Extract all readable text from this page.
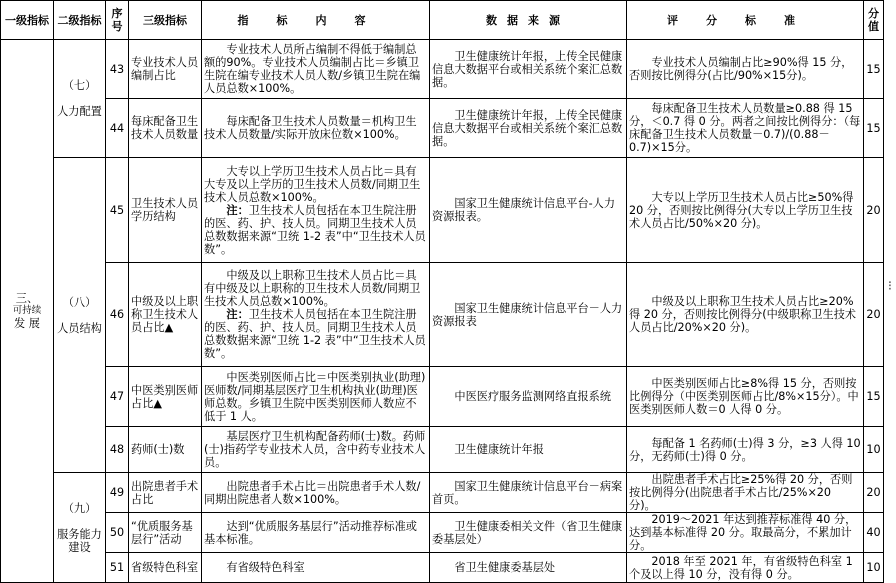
一级指标	二级指标	序号	三级指标	指标内容	数据来源	评分标准	分值
三、

可持续
发 展	（七）

人力配置	43	专业技术人员编制占比	专业技术人员所占编制不得低于编制总额的90%。专业技术人员编制占比＝乡镇卫生院在编专业技术人员人数/乡镇卫生院在编人员总数×100%。	卫生健康统计年报，上传全民健康信息大数据平台或相关系统个案汇总数据。	专业技术人员编制占比≥90%得 15 分，否则按比例得分(占比/90%×15分)。	15
		44	每床配备卫生技术人员数量	每床配备卫生技术人员数量＝机构卫生技术人员数量/实际开放床位数×100%。	卫生健康统计年报，上传全民健康信息大数据平台或相关系统个案汇总数据。	每床配备卫生技术人员数量≥0.88 得 15 分，＜0.7 得 0 分。两者之间按比例得分：（每床配备卫生技术人员数量－0.7)/(0.88－0.7)×15分。	15
	（八）

人员结构	45	卫生技术人员学历结构	大专以上学历卫生技术人员占比＝具有大专及以上学历的卫生技术人员数/同期卫生技术人员总数×100%。
注：卫生技术人员包括在本卫生院注册的医、药、护、技人员。同期卫生技术人员总数数据来源“卫统 1-2 表”中“卫生技术人员数”。	国家卫生健康统计信息平台-人力资源报表。	大专以上学历卫生技术人员占比≥50%得 20 分，否则按比例得分(大专以上学历卫生技术人员占比/50%×20 分)。	20
		46	中级及以上职称卫生技术人员占比▲	中级及以上职称卫生技术人员占比＝具有中级及以上职称的卫生技术人员数/同期卫生技术人员总数×100%。
注：卫生技术人员包括在本卫生院注册的医、药、护、技人员。同期卫生技术人员总数数据来源“卫统 1-2 表”中“卫生技术人员数”。	国家卫生健康统计信息平台－人力资源报表	中级及以上职称卫生技术人员占比≥20%得 20 分，否则按比例得分(中级职称卫生技术人员占比/20%×20 分)。	20
		47	中医类别医师占比▲	中医类别医师占比＝中医类别执业(助理)医师数/同期基层医疗卫生机构执业(助理)医师总数。乡镇卫生院中医类别医师人数应不低于 1 人。	中医医疗服务监测网络直报系统	中医类别医师占比≥8%得 15 分，否则按比例得分（中医类别医师占比/8%×15分）。中医类别医师人数＝0 人得 0 分。	15
		48	药师(士)数	基层医疗卫生机构配备药师(士)数。药师(士)指药学专业技术人员，含中药专业技术人员。	卫生健康统计年报	每配备 1 名药师(士)得 3 分，≥3 人得 10 分，无药师(士)得 0 分。	10
	（九）

服务能力建设	49	出院患者手术占比	出院患者手术占比＝出院患者手术人数/同期出院患者人数×100%。	国家卫生健康统计信息平台－病案首页。	出院患者手术占比≥25%得 20 分，否则按比例得分(出院患者手术占比/25%×20 分)。	20
		50	“优质服务基层行”活动	达到“优质服务基层行”活动推荐标准或基本标准。	卫生健康委相关文件（省卫生健康委基层处）	2019～2021 年达到推荐标准得 40 分，达到基本标准得 20 分。取最高分，不累加计分。	40
		51	省级特色科室	有省级特色科室	省卫生健康委基层处	2018 年至 2021 年，有省级特色科室 1 个及以上得 10 分，没有得 0 分。	10
⁝
